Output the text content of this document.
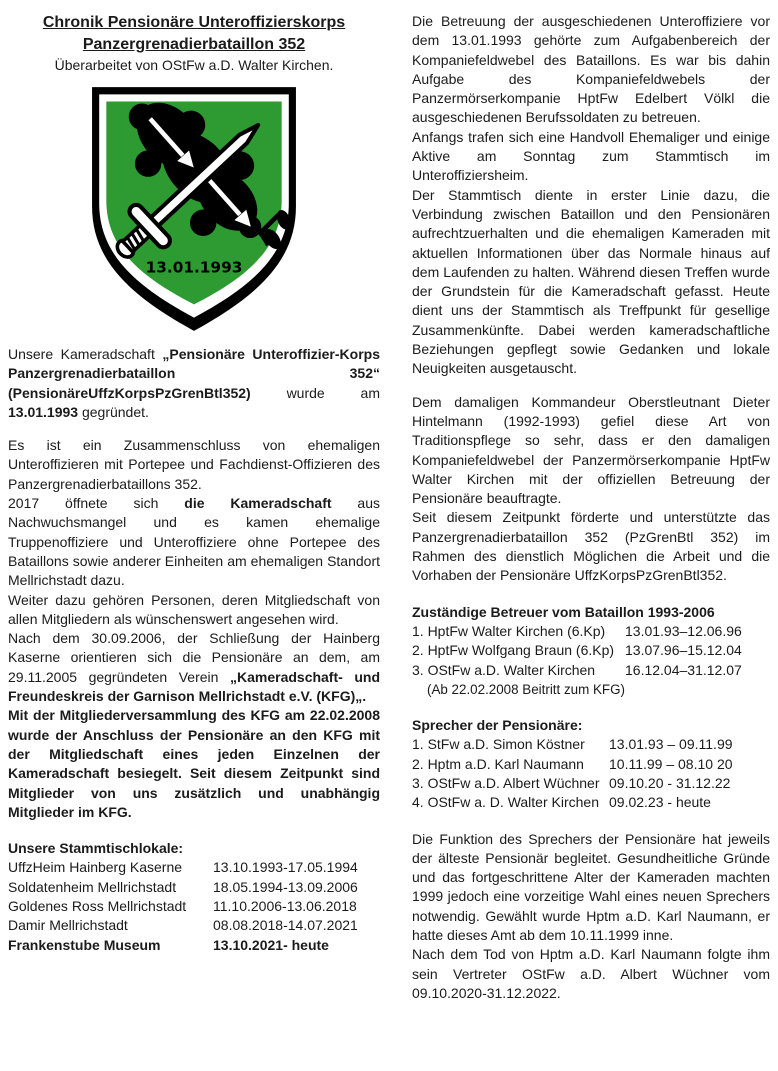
Chronik Pensionäre Unteroffizierskorps
Panzergrenadierbataillon 352
Überarbeitet von OStFw a.D. Walter Kirchen.
13.01.1993

Unsere Kameradschaft „Pensionäre Unteroffizier-Korps Panzergrenadierbataillon 352“ (PensionäreUffzKorpsPzGrenBtl352) wurde am 13.01.1993 gegründet.

Es ist ein Zusammenschluss von ehemaligen Unteroffizieren mit Portepee und Fachdienst-Offizieren des Panzergrenadierbataillons 352.

2017 öffnete sich die Kameradschaft aus Nachwuchsmangel und es kamen ehemalige Truppenoffiziere und Unteroffiziere ohne Portepee des Bataillons sowie anderer Einheiten am ehemaligen Standort Mellrichstadt dazu.

Weiter dazu gehören Personen, deren Mitgliedschaft von allen Mitgliedern als wünschenswert angesehen wird.

Nach dem 30.09.2006, der Schließung der Hainberg Kaserne orientieren sich die Pensionäre an dem, am 29.11.2005 gegründeten Verein „Kameradschaft- und Freundeskreis der Garnison Mellrichstadt e.V. (KFG)„.

Mit der Mitgliederversammlung des KFG am 22.02.2008 wurde der Anschluss der Pensionäre an den KFG mit der Mitgliedschaft eines jeden Einzelnen der Kameradschaft besiegelt. Seit diesem Zeitpunkt sind Mitglieder von uns zusätzlich und unabhängig Mitglieder im KFG.

Unsere Stammtischlokale:
UffzHeim Hainberg Kaserne	13.10.1993-17.05.1994
Soldatenheim Mellrichstadt	18.05.1994-13.09.2006
Goldenes Ross Mellrichstadt	11.10.2006-13.06.2018
Damir Mellrichstadt	08.08.2018-14.07.2021
Frankenstube Museum	13.10.2021- heute

Die Betreuung der ausgeschiedenen Unteroffiziere vor dem 13.01.1993 gehörte zum Aufgabenbereich der Kompaniefeldwebel des Bataillons. Es war bis dahin Aufgabe des Kompaniefeldwebels der Panzermörserkompanie HptFw Edelbert Völkl die ausgeschiedenen Berufssoldaten zu betreuen.

Anfangs trafen sich eine Handvoll Ehemaliger und einige Aktive am Sonntag zum Stammtisch im Unteroffiziersheim.

Der Stammtisch diente in erster Linie dazu, die Verbindung zwischen Bataillon und den Pensionären aufrechtzuerhalten und die ehemaligen Kameraden mit aktuellen Informationen über das Normale hinaus auf dem Laufenden zu halten. Während diesen Treffen wurde der Grundstein für die Kameradschaft gefasst. Heute dient uns der Stammtisch als Treffpunkt für gesellige Zusammenkünfte. Dabei werden kameradschaftliche Beziehungen gepflegt sowie Gedanken und lokale Neuigkeiten ausgetauscht.

Dem damaligen Kommandeur Oberstleutnant Dieter Hintelmann (1992-1993) gefiel diese Art von Traditionspflege so sehr, dass er den damaligen Kompaniefeldwebel der Panzermörserkompanie HptFw Walter Kirchen mit der offiziellen Betreuung der Pensionäre beauftragte.

Seit diesem Zeitpunkt förderte und unterstützte das Panzergrenadierbataillon 352 (PzGrenBtl 352) im Rahmen des dienstlich Möglichen die Arbeit und die Vorhaben der Pensionäre UffzKorpsPzGrenBtl352.

Zuständige Betreuer vom Bataillon 1993-2006
1. HptFw Walter Kirchen (6.Kp)	13.01.93–12.06.96
2. HptFw Wolfgang Braun (6.Kp) 13.07.96–15.12.04
3. OStFw a.D. Walter Kirchen	16.12.04–31.12.07
(Ab 22.02.2008 Beitritt zum KFG)
Sprecher der Pensionäre:
1. StFw a.D. Simon Köstner	13.01.93 – 09.11.99
2. Hptm a.D. Karl Naumann	10.11.99 – 08.10 20
3. OStFw a.D. Albert Wüchner 09.10.20 - 31.12.22
4. OStFw a. D. Walter Kirchen 09.02.23 - heute

Die Funktion des Sprechers der Pensionäre hat jeweils der älteste Pensionär begleitet. Gesundheitliche Gründe und das fortgeschrittene Alter der Kameraden machten 1999 jedoch eine vorzeitige Wahl eines neuen Sprechers notwendig. Gewählt wurde Hptm a.D. Karl Naumann, er hatte dieses Amt ab dem 10.11.1999 inne.

Nach dem Tod von Hptm a.D. Karl Naumann folgte ihm sein Vertreter OStFw a.D. Albert Wüchner vom 09.10.2020-31.12.2022.
